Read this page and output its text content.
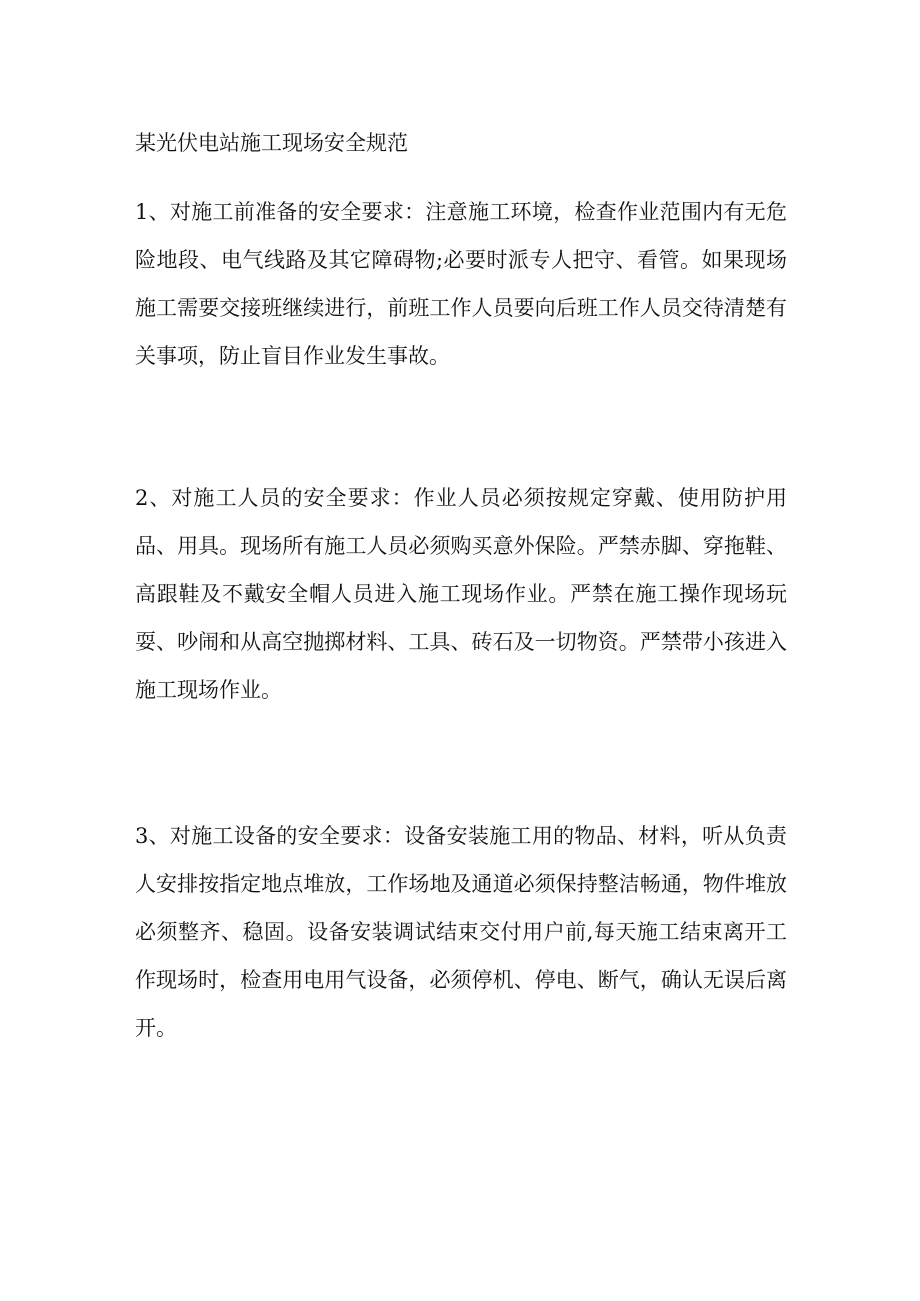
某光伏电站施工现场安全规范

1、对施工前准备的安全要求：注意施工环境，检查作业范围内有无危险地段、电气线路及其它障碍物;必要时派专人把守、看管。如果现场施工需要交接班继续进行，前班工作人员要向后班工作人员交待清楚有关事项，防止盲目作业发生事故。

2、对施工人员的安全要求：作业人员必须按规定穿戴、使用防护用品、用具。现场所有施工人员必须购买意外保险。严禁赤脚、穿拖鞋、高跟鞋及不戴安全帽人员进入施工现场作业。严禁在施工操作现场玩耍、吵闹和从高空抛掷材料、工具、砖石及一切物资。严禁带小孩进入施工现场作业。

3、对施工设备的安全要求：设备安装施工用的物品、材料，听从负责人安排按指定地点堆放，工作场地及通道必须保持整洁畅通，物件堆放必须整齐、稳固。设备安装调试结束交付用户前,每天施工结束离开工作现场时，检查用电用气设备，必须停机、停电、断气，确认无误后离开。
